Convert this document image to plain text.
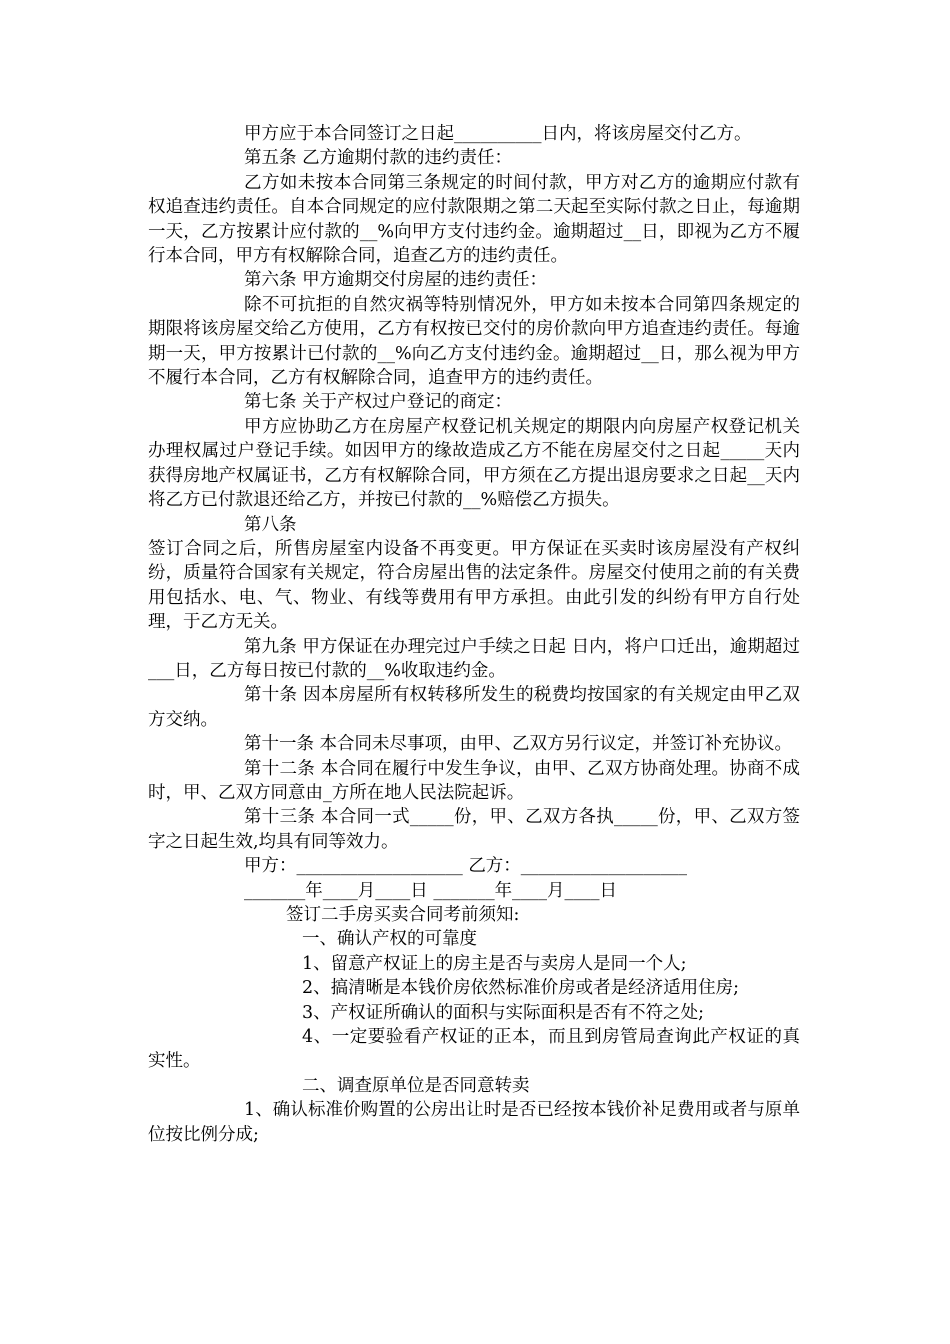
甲方应于本合同签订之日起__________日内，将该房屋交付乙方。

第五条 乙方逾期付款的违约责任：

乙方如未按本合同第三条规定的时间付款，甲方对乙方的逾期应付款有权追查违约责任。自本合同规定的应付款限期之第二天起至实际付款之日止，每逾期一天，乙方按累计应付款的__%向甲方支付违约金。逾期超过__日，即视为乙方不履行本合同，甲方有权解除合同，追查乙方的违约责任。

第六条 甲方逾期交付房屋的违约责任：

除不可抗拒的自然灾祸等特别情况外，甲方如未按本合同第四条规定的期限将该房屋交给乙方使用，乙方有权按已交付的房价款向甲方追查违约责任。每逾期一天，甲方按累计已付款的__%向乙方支付违约金。逾期超过__日，那么视为甲方不履行本合同，乙方有权解除合同，追查甲方的违约责任。

第七条 关于产权过户登记的商定：

甲方应协助乙方在房屋产权登记机关规定的期限内向房屋产权登记机关办理权属过户登记手续。如因甲方的缘故造成乙方不能在房屋交付之日起_____天内获得房地产权属证书，乙方有权解除合同，甲方须在乙方提出退房要求之日起__天内将乙方已付款退还给乙方，并按已付款的__%赔偿乙方损失。

第八条

签订合同之后，所售房屋室内设备不再变更。甲方保证在买卖时该房屋没有产权纠纷，质量符合国家有关规定，符合房屋出售的法定条件。房屋交付使用之前的有关费用包括水、电、气、物业、有线等费用有甲方承担。由此引发的纠纷有甲方自行处理，于乙方无关。

第九条 甲方保证在办理完过户手续之日起 日内，将户口迁出，逾期超过___日，乙方每日按已付款的__%收取违约金。

第十条 因本房屋所有权转移所发生的税费均按国家的有关规定由甲乙双方交纳。

第十一条 本合同未尽事项，由甲、乙双方另行议定，并签订补充协议。

第十二条 本合同在履行中发生争议，由甲、乙双方协商处理。协商不成时，甲、乙双方同意由_方所在地人民法院起诉。

第十三条 本合同一式_____份，甲、乙双方各执_____份，甲、乙双方签字之日起生效,均具有同等效力。

甲方：___________________ 乙方：___________________

_______年____月____日 _______年____月____日

签订二手房买卖合同考前须知:

一、确认产权的可靠度

1、留意产权证上的房主是否与卖房人是同一个人;

2、搞清晰是本钱价房依然标准价房或者是经济适用住房;

3、产权证所确认的面积与实际面积是否有不符之处;

4、一定要验看产权证的正本，而且到房管局查询此产权证的真实性。

二、调查原单位是否同意转卖

1、确认标准价购置的公房出让时是否已经按本钱价补足费用或者与原单位按比例分成;
